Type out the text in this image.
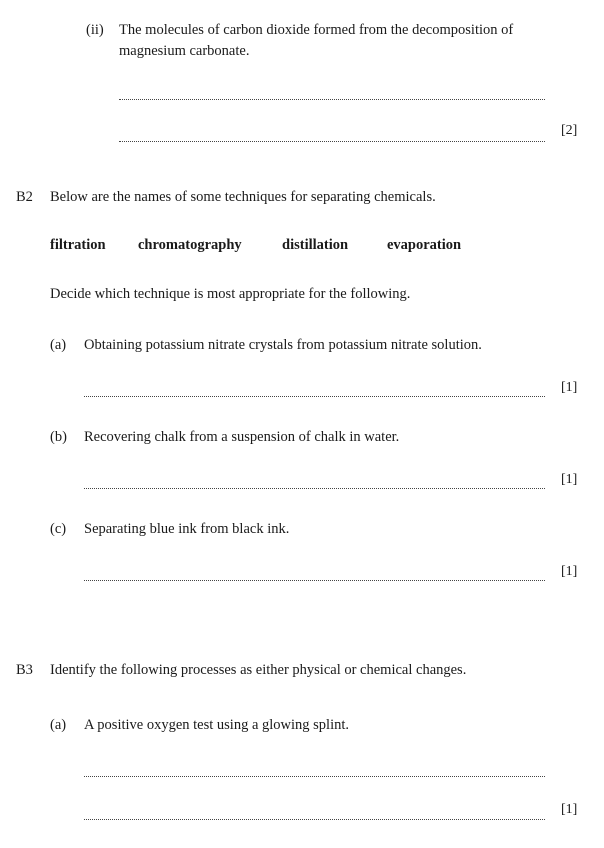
(ii) The molecules of carbon dioxide formed from the decomposition of
magnesium carbonate.
[2]
B2 Below are the names of some techniques for separating chemicals.
filtration chromatography	distillation	evaporation
Decide which technique is most appropriate for the following.
(a) Obtaining potassium nitrate crystals from potassium nitrate solution.
[1]
(b) Recovering chalk from a suspension of chalk in water.
[1]
(c) Separating blue ink from black ink.
[1]
B3 Identify the following processes as either physical or chemical changes.
(a) A positive oxygen test using a glowing splint.
[1]
